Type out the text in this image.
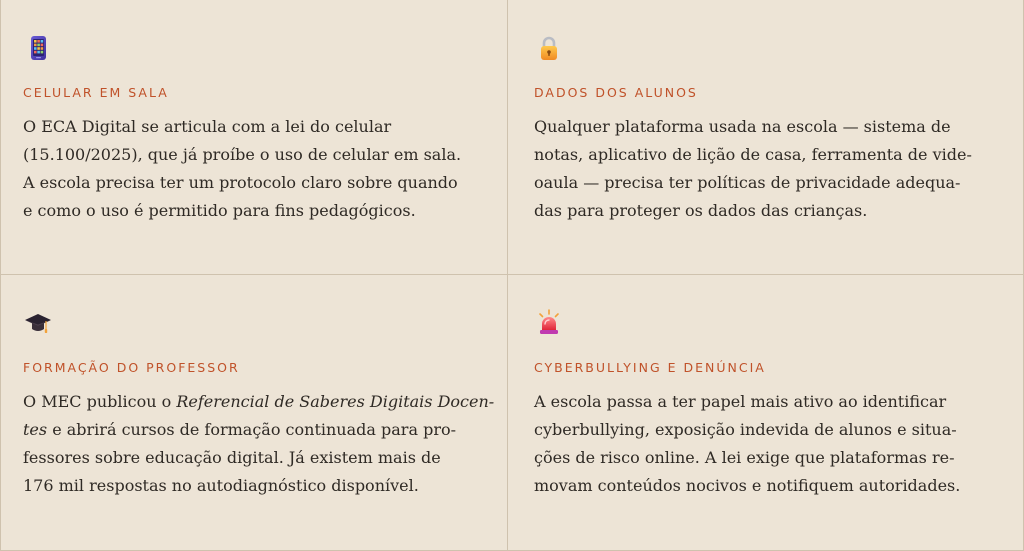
CELULAR EM SALA
O ECA Digital se articula com a lei do celular
(15.100/2025), que já proíbe o uso de celular em sala.
A escola precisa ter um protocolo claro sobre quando
e como o uso é permitido para fins pedagógicos.
DADOS DOS ALUNOS
Qualquer plataforma usada na escola — sistema de
notas, aplicativo de lição de casa, ferramenta de vide-
oaula — precisa ter políticas de privacidade adequa-
das para proteger os dados das crianças.
FORMAÇÃO DO PROFESSOR
O MEC publicou o Referencial de Saberes Digitais Docen-
tes e abrirá cursos de formação continuada para pro-
fessores sobre educação digital. Já existem mais de
176 mil respostas no autodiagnóstico disponível.
CYBERBULLYING E DENÚNCIA
A escola passa a ter papel mais ativo ao identificar
cyberbullying, exposição indevida de alunos e situa-
ções de risco online. A lei exige que plataformas re-
movam conteúdos nocivos e notifiquem autoridades.
